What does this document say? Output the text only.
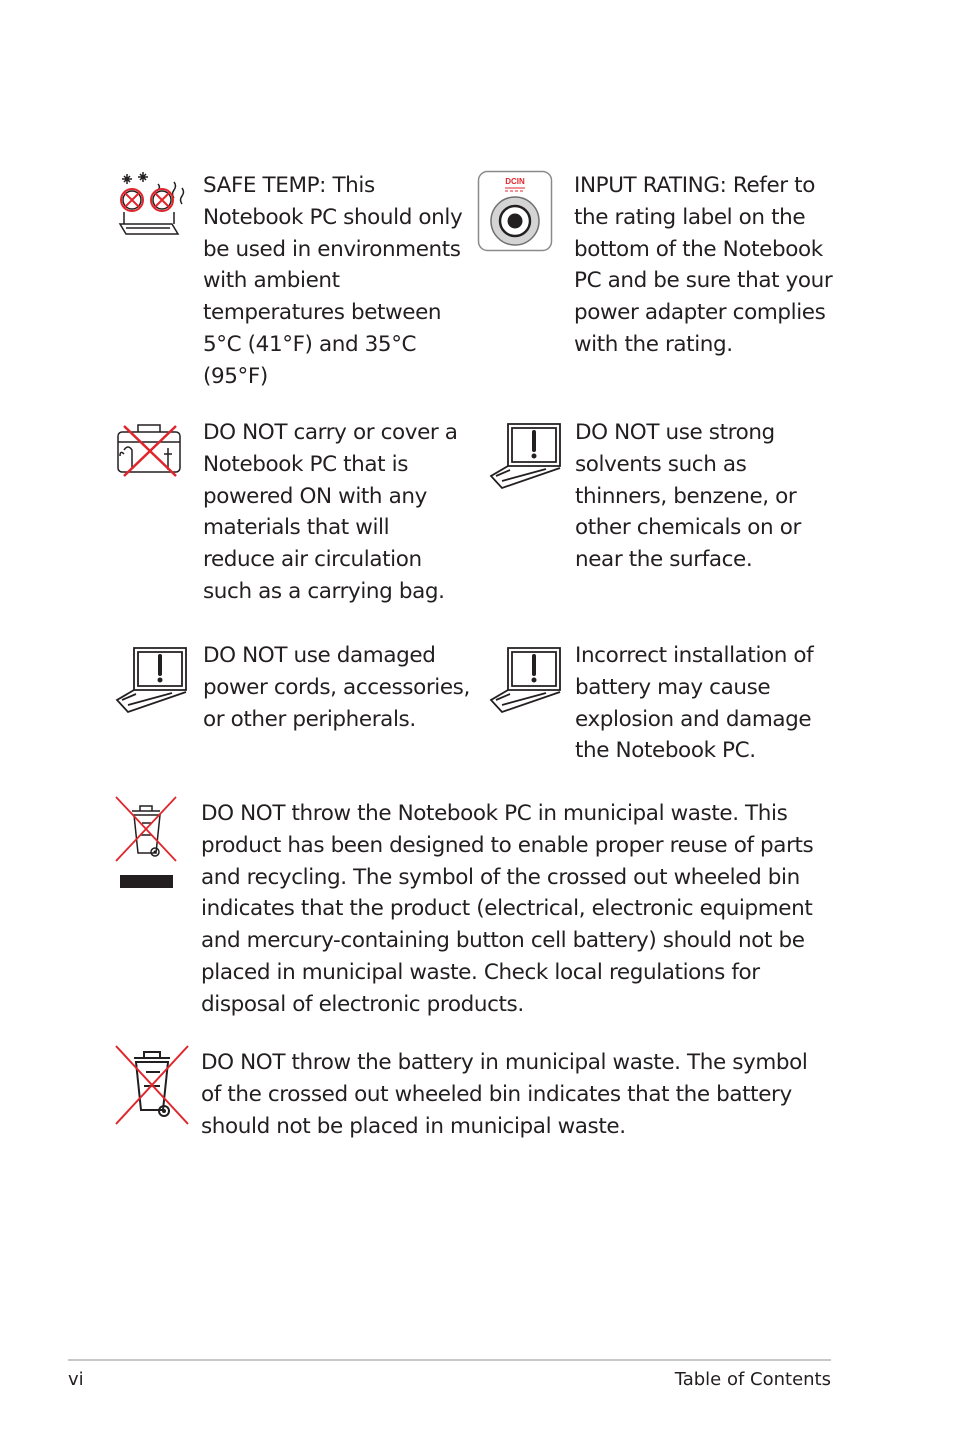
SAFE TEMP: This Notebook PC should only be used in environments with ambient temperatures between 5°C (41°F) and 35°C (95°F)

DCIN INPUT RATING: Refer to the rating label on the bottom of the Notebook PC and be sure that your power adapter complies with the rating.

DO NOT carry or cover a Notebook PC that is powered ON with any materials that will reduce air circulation such as a carrying bag.

DO NOT use strong solvents such as thinners, benzene, or other chemicals on or near the surface.

DO NOT use damaged power cords, accessories, or other peripherals.

Incorrect installation of battery may cause explosion and damage the Notebook PC.

DO NOT throw the Notebook PC in municipal waste. This product has been designed to enable proper reuse of parts and recycling. The symbol of the crossed out wheeled bin indicates that the product (electrical, electronic equipment and mercury-containing button cell battery) should not be placed in municipal waste. Check local regulations for disposal of electronic products.

DO NOT throw the battery in municipal waste. The symbol of the crossed out wheeled bin indicates that the battery should not be placed in municipal waste.

vi	Table of Contents
